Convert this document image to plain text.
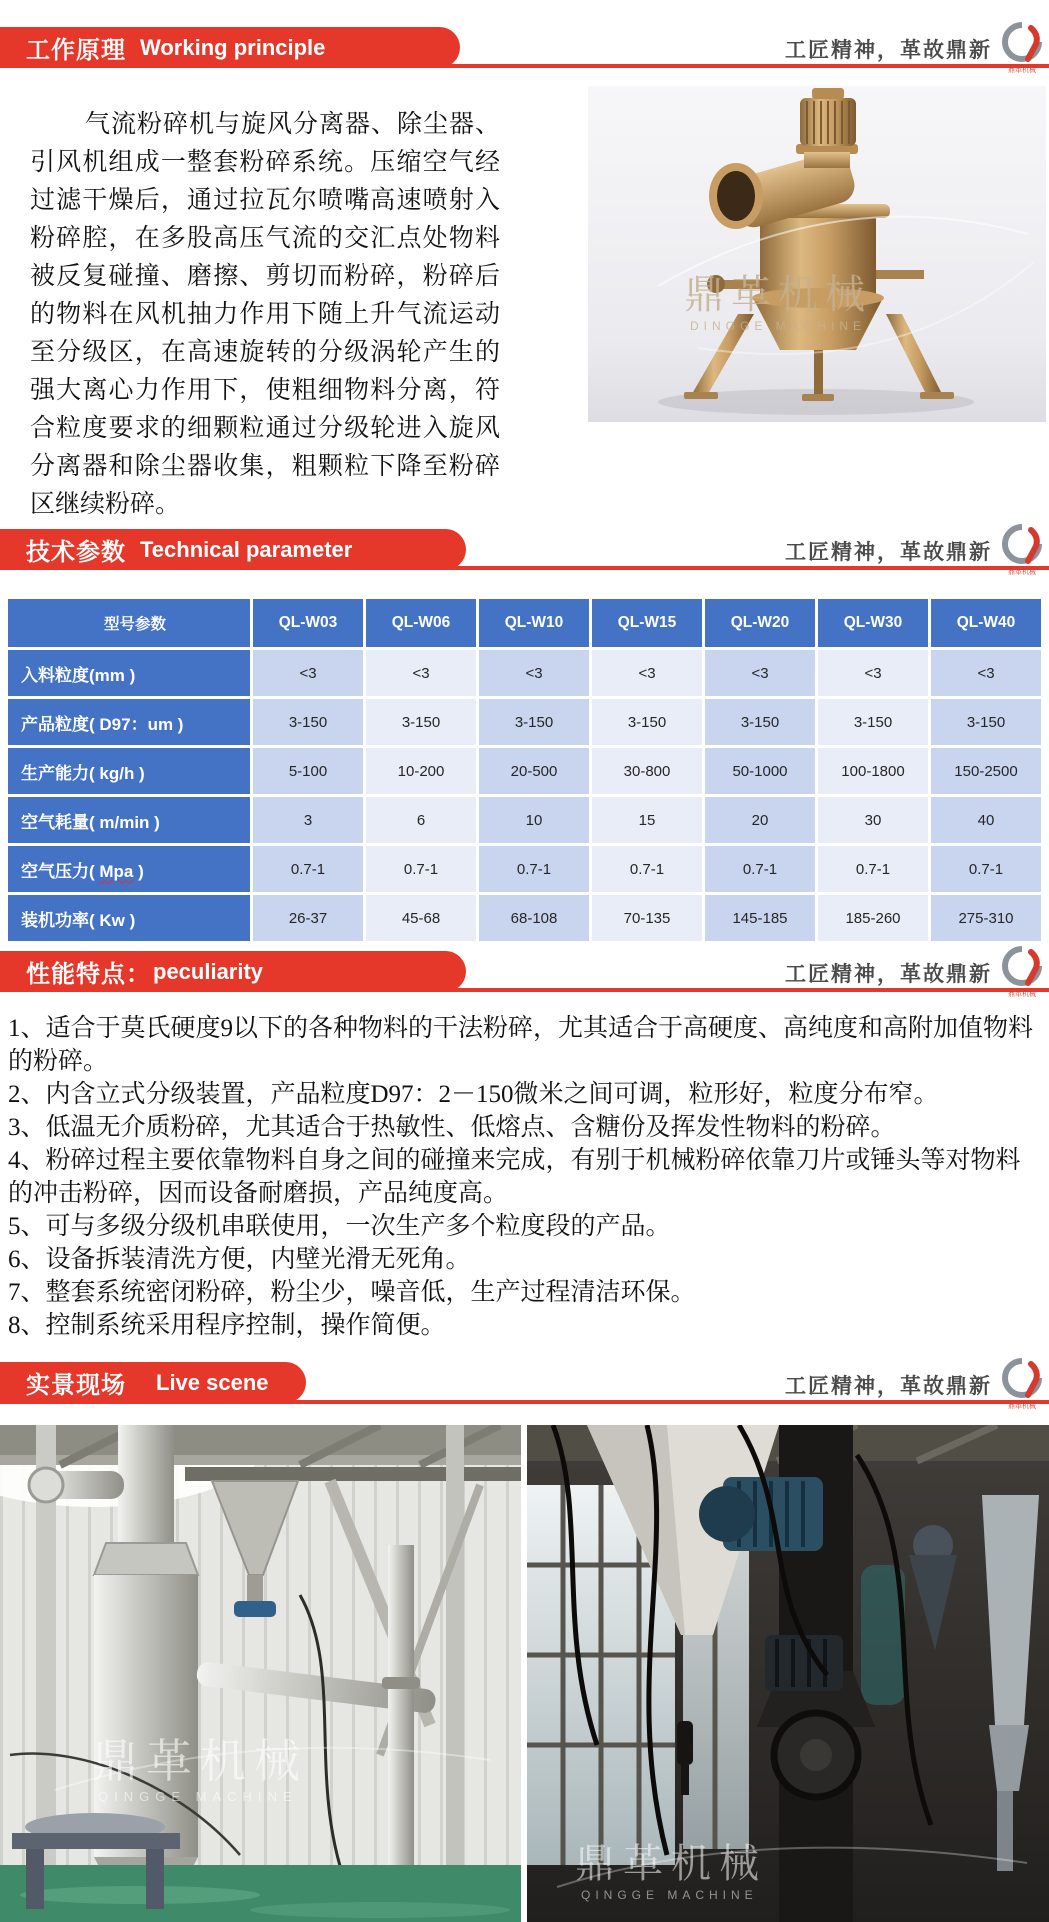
工作原理 Working principle	工匠精神，革故鼎新
鼎革机械
气流粉碎机与旋风分离器、除尘器、引风机组成一整套粉碎系统。压缩空气经过滤干燥后，通过拉瓦尔喷嘴高速喷射入粉碎腔，在多股高压气流的交汇点处物料被反复碰撞、磨擦、剪切而粉碎，粉碎后的物料在风机抽力作用下随上升气流运动至分级区，在高速旋转的分级涡轮产生的强大离心力作用下，使粗细物料分离，符合粒度要求的细颗粒通过分级轮进入旋风分离器和除尘器收集，粗颗粒下降至粉碎区继续粉碎。
鼎革机械
DINGGE MACHINE
技术参数 Technical parameter	工匠精神，革故鼎新
鼎革机械
型号参数	QL-W03	QL-W06	QL-W10	QL-W15	QL-W20	QL-W30	QL-W40
入料粒度(mm )	<3	<3	<3	<3	<3	<3	<3
产品粒度( D97：um )	3-150	3-150	3-150	3-150	3-150	3-150	3-150
生产能力( kg/h )	5-100	10-200	20-500	30-800	50-1000	100-1800	150-2500
空气耗量( m/min )	3	6	10	15	20	30	40
空气压力( Mpa )	0.7-1	0.7-1	0.7-1	0.7-1	0.7-1	0.7-1	0.7-1
装机功率( Kw )	26-37	45-68	68-108	70-135	145-185	185-260	275-310
性能特点： peculiarity	工匠精神，革故鼎新
鼎革机械
1、适合于莫氏硬度9以下的各种物料的干法粉碎，尤其适合于高硬度、高纯度和高附加值物料的粉碎。
2、内含立式分级装置，产品粒度D97：2－150微米之间可调，粒形好，粒度分布窄。
3、低温无介质粉碎，尤其适合于热敏性、低熔点、含糖份及挥发性物料的粉碎。
4、粉碎过程主要依靠物料自身之间的碰撞来完成，有别于机械粉碎依靠刀片或锤头等对物料的冲击粉碎，因而设备耐磨损，产品纯度高。
5、可与多级分级机串联使用，一次生产多个粒度段的产品。
6、设备拆装清洗方便，内壁光滑无死角。
7、整套系统密闭粉碎，粉尘少，噪音低，生产过程清洁环保。
8、控制系统采用程序控制，操作简便。
实景现场 Live scene	工匠精神，革故鼎新
鼎革机械
鼎革机械
QINGGE MACHINE
鼎革机械
QINGGE MACHINE
